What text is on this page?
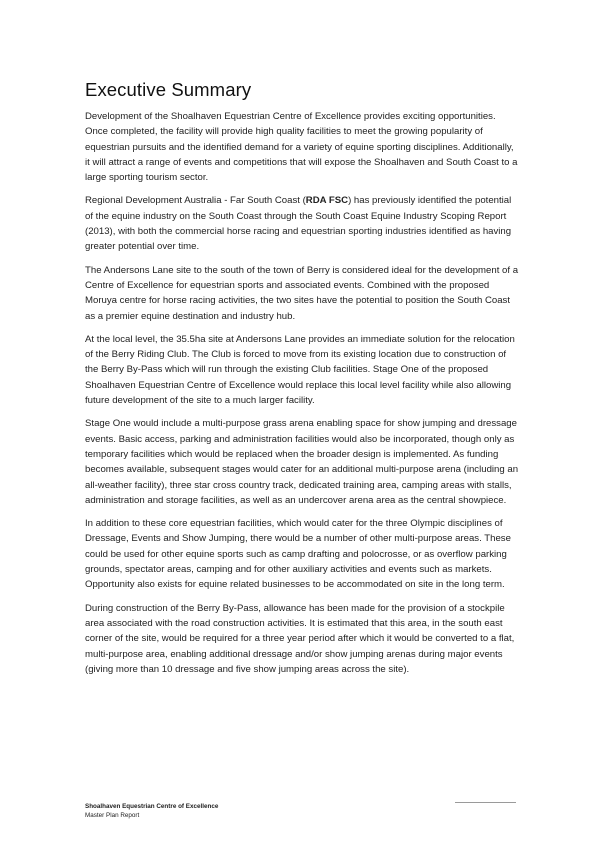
Executive Summary

Development of the Shoalhaven Equestrian Centre of Excellence provides exciting opportunities. Once completed, the facility will provide high quality facilities to meet the growing popularity of equestrian pursuits and the identified demand for a variety of equine sporting disciplines. Additionally, it will attract a range of events and competitions that will expose the Shoalhaven and South Coast to a large sporting tourism sector.

Regional Development Australia - Far South Coast (RDA FSC) has previously identified the potential of the equine industry on the South Coast through the South Coast Equine Industry Scoping Report (2013), with both the commercial horse racing and equestrian sporting industries identified as having greater potential over time.

The Andersons Lane site to the south of the town of Berry is considered ideal for the development of a Centre of Excellence for equestrian sports and associated events. Combined with the proposed Moruya centre for horse racing activities, the two sites have the potential to position the South Coast as a premier equine destination and industry hub.

At the local level, the 35.5ha site at Andersons Lane provides an immediate solution for the relocation of the Berry Riding Club. The Club is forced to move from its existing location due to construction of the Berry By-Pass which will run through the existing Club facilities. Stage One of the proposed Shoalhaven Equestrian Centre of Excellence would replace this local level facility while also allowing future development of the site to a much larger facility.

Stage One would include a multi-purpose grass arena enabling space for show jumping and dressage events. Basic access, parking and administration facilities would also be incorporated, though only as temporary facilities which would be replaced when the broader design is implemented. As funding becomes available, subsequent stages would cater for an additional multi-purpose arena (including an all-weather facility), three star cross country track, dedicated training area, camping areas with stalls, administration and storage facilities, as well as an undercover arena area as the central showpiece.

In addition to these core equestrian facilities, which would cater for the three Olympic disciplines of Dressage, Events and Show Jumping, there would be a number of other multi-purpose areas. These could be used for other equine sports such as camp drafting and polocrosse, or as overflow parking grounds, spectator areas, camping and for other auxiliary activities and events such as markets. Opportunity also exists for equine related businesses to be accommodated on site in the long term.

During construction of the Berry By-Pass, allowance has been made for the provision of a stockpile area associated with the road construction activities. It is estimated that this area, in the south east corner of the site, would be required for a three year period after which it would be converted to a flat, multi-purpose area, enabling additional dressage and/or show jumping arenas during major events (giving more than 10 dressage and five show jumping areas across the site).

Shoalhaven Equestrian Centre of Excellence
Master Plan Report
